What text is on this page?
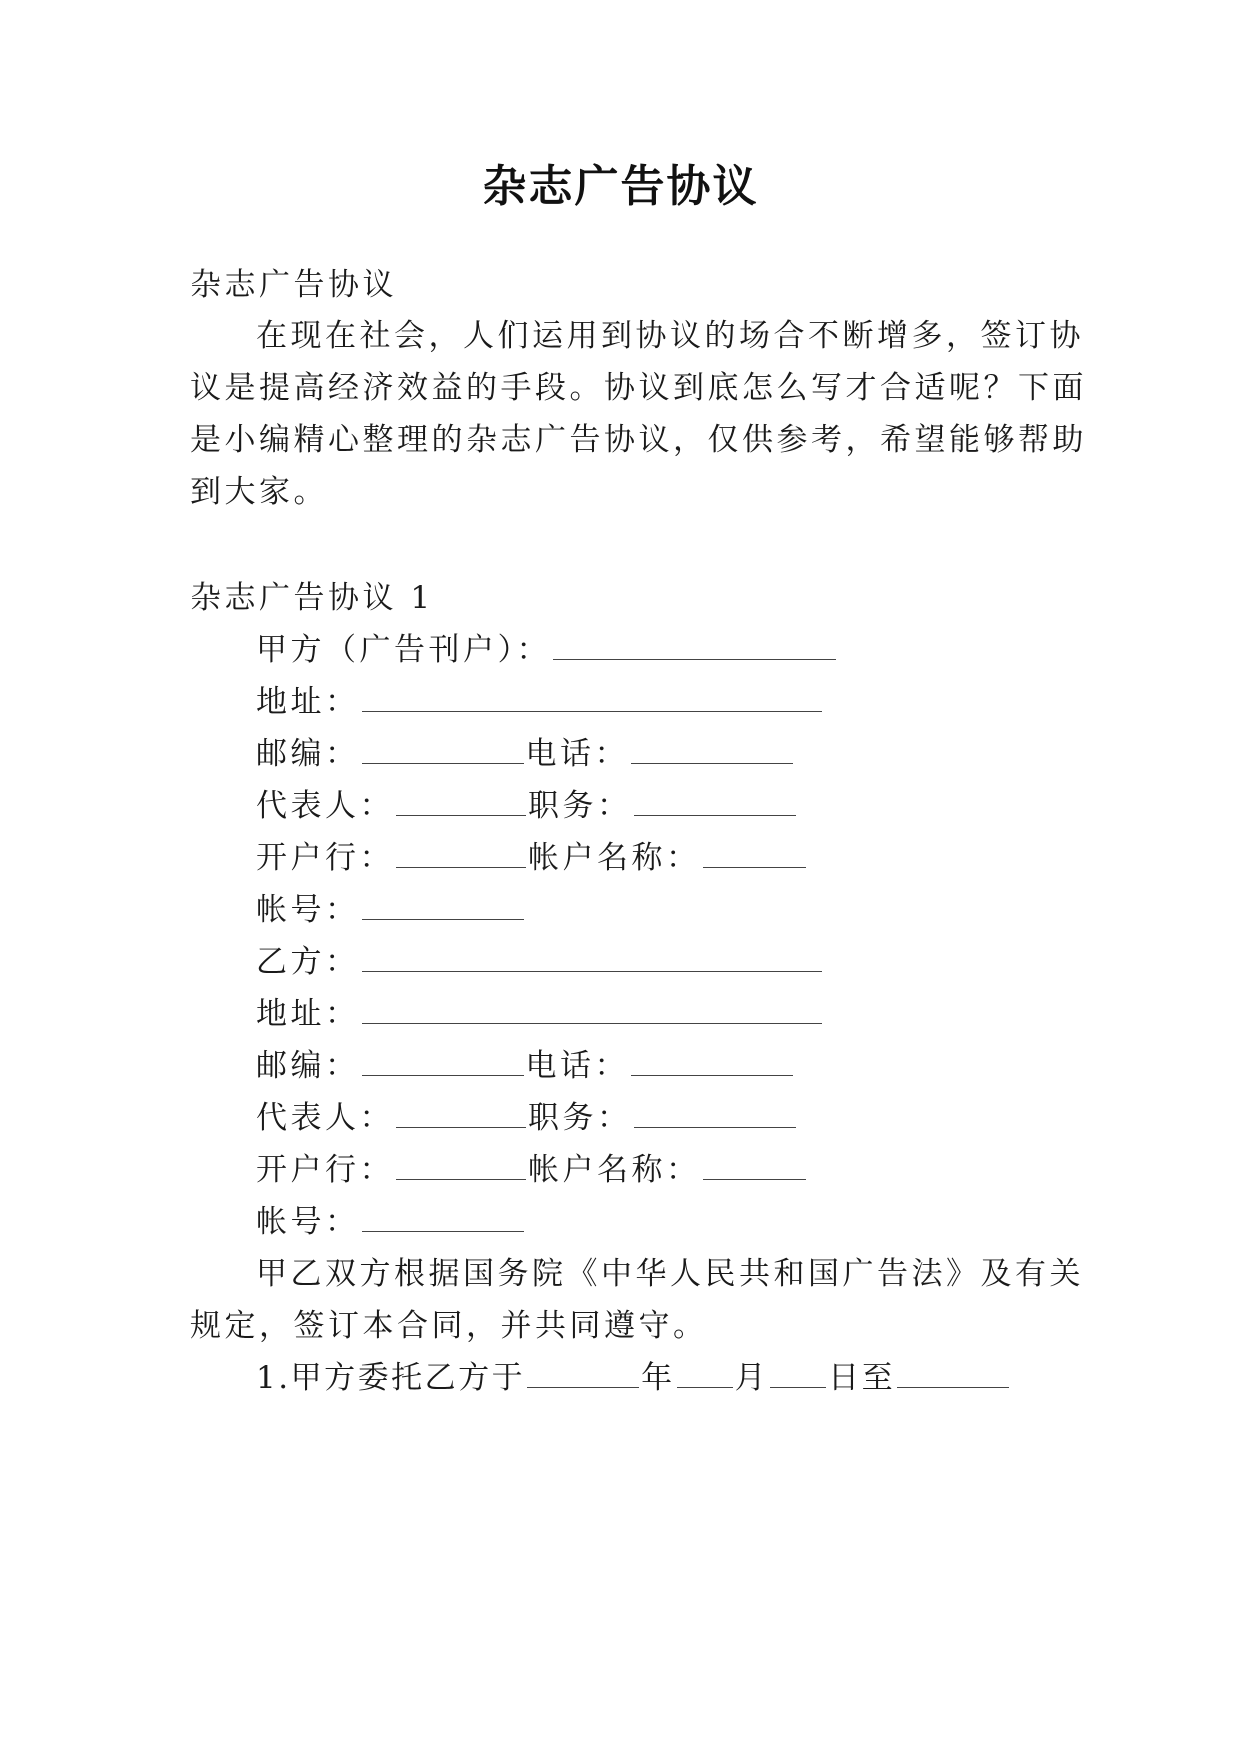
杂志广告协议
杂志广告协议
在现在社会，人们运用到协议的场合不断增多，签订协
议是提高经济效益的手段。协议到底怎么写才合适呢？下面
是小编精心整理的杂志广告协议，仅供参考，希望能够帮助
到大家。
杂志广告协议 1
甲方（广告刊户）：
地址：
邮编：	电话：
代表人：	职务：
开户行：	帐户名称：
帐号：
乙方：
地址：
邮编：	电话：
代表人：	职务：
开户行：	帐户名称：
帐号：
甲乙双方根据国务院《中华人民共和国广告法》及有关
规定，签订本合同，并共同遵守。
1.甲方委托乙方于	年 月 日至
